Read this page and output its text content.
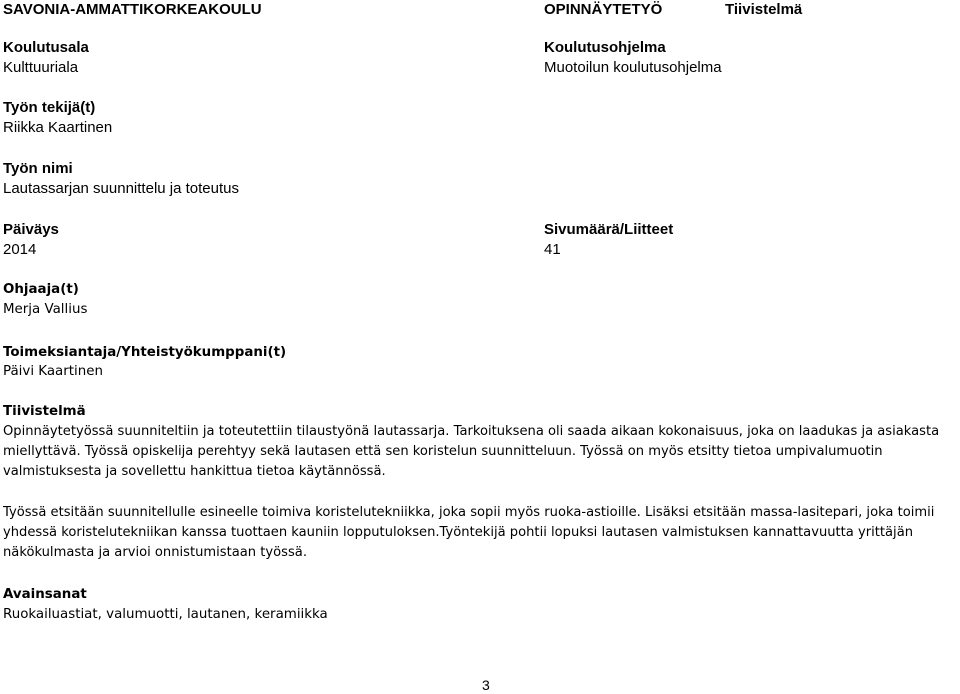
SAVONIA-AMMATTIKORKEAKOULU	OPINNÄYTETYÖ	Tiivistelmä
Koulutusala
Kulttuuriala
Koulutusohjelma
Muotoilun koulutusohjelma
Työn tekijä(t)
Riikka Kaartinen
Työn nimi
Lautassarjan suunnittelu ja toteutus
Päiväys
2014
Sivumäärä/Liitteet
41
Ohjaaja(t)
Merja Vallius
Toimeksiantaja/Yhteistyökumppani(t)
Päivi Kaartinen
Tiivistelmä
Opinnäytetyössä suunniteltiin ja toteutettiin tilaustyönä lautassarja. Tarkoituksena oli saada aikaan kokonaisuus, joka on laadukas ja asiakasta
miellyttävä. Työssä opiskelija perehtyy sekä lautasen että sen koristelun suunnitteluun. Työssä on myös etsitty tietoa umpivalumuotin
valmistuksesta ja sovellettu hankittua tietoa käytännössä.
Työssä etsitään suunnitellulle esineelle toimiva koristelutekniikka, joka sopii myös ruoka-astioille. Lisäksi etsitään massa-lasitepari, joka toimii
yhdessä koristelutekniikan kanssa tuottaen kauniin lopputuloksen.Työntekijä pohtii lopuksi lautasen valmistuksen kannattavuutta yrittäjän
näkökulmasta ja arvioi onnistumistaan työssä.
Avainsanat
Ruokailuastiat, valumuotti, lautanen, keramiikka
3
